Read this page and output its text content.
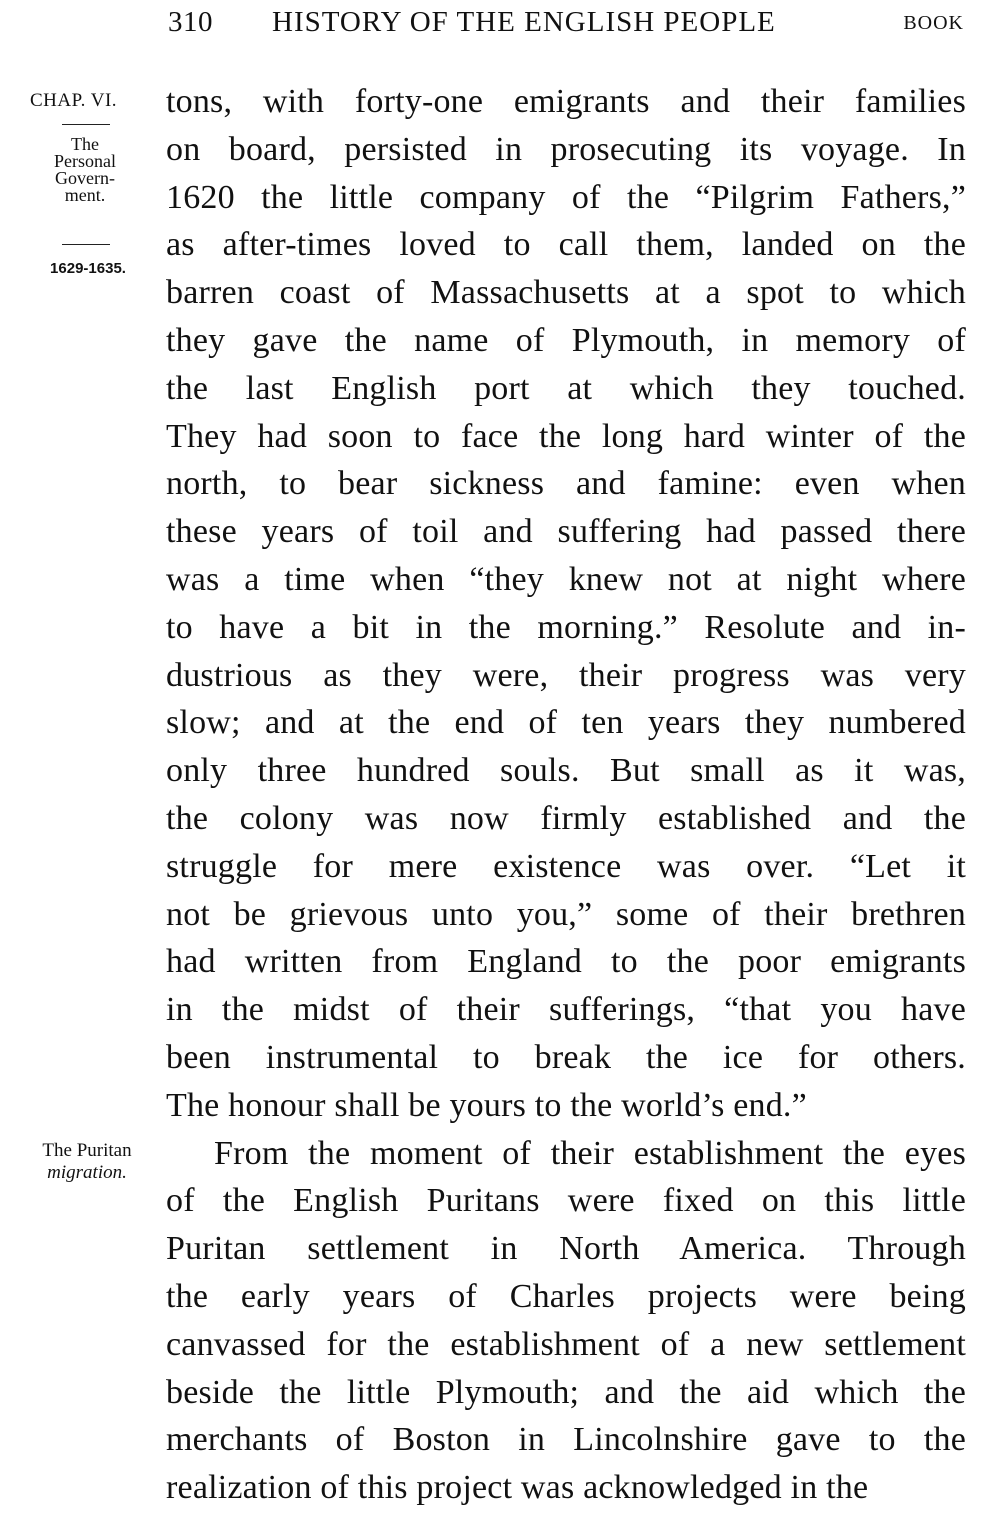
310 HISTORY OF THE ENGLISH PEOPLE	BOOK
CHAP. VI.
The
Personal
Govern-
ment.
1629-1635.
The Puritan
migration.
tons, with forty-one emigrants and their families
on board, persisted in prosecuting its voyage. In
1620 the little company of the “Pilgrim Fathers,”
as after-times loved to call them, landed on the
barren coast of Massachusetts at a spot to which
they gave the name of Plymouth, in memory of
the last English port at which they touched.
They had soon to face the long hard winter of the
north, to bear sickness and famine: even when
these years of toil and suffering had passed there
was a time when “they knew not at night where
to have a bit in the morning.” Resolute and in-
dustrious as they were, their progress was very
slow; and at the end of ten years they numbered
only three hundred souls. But small as it was,
the colony was now firmly established and the
struggle for mere existence was over. “Let it
not be grievous unto you,” some of their brethren
had written from England to the poor emigrants
in the midst of their sufferings, “that you have
been instrumental to break the ice for others.
The honour shall be yours to the world’s end.”
From the moment of their establishment the eyes
of the English Puritans were fixed on this little
Puritan settlement in North America. Through
the early years of Charles projects were being
canvassed for the establishment of a new settlement
beside the little Plymouth; and the aid which the
merchants of Boston in Lincolnshire gave to the
realization of this project was acknowledged in the
